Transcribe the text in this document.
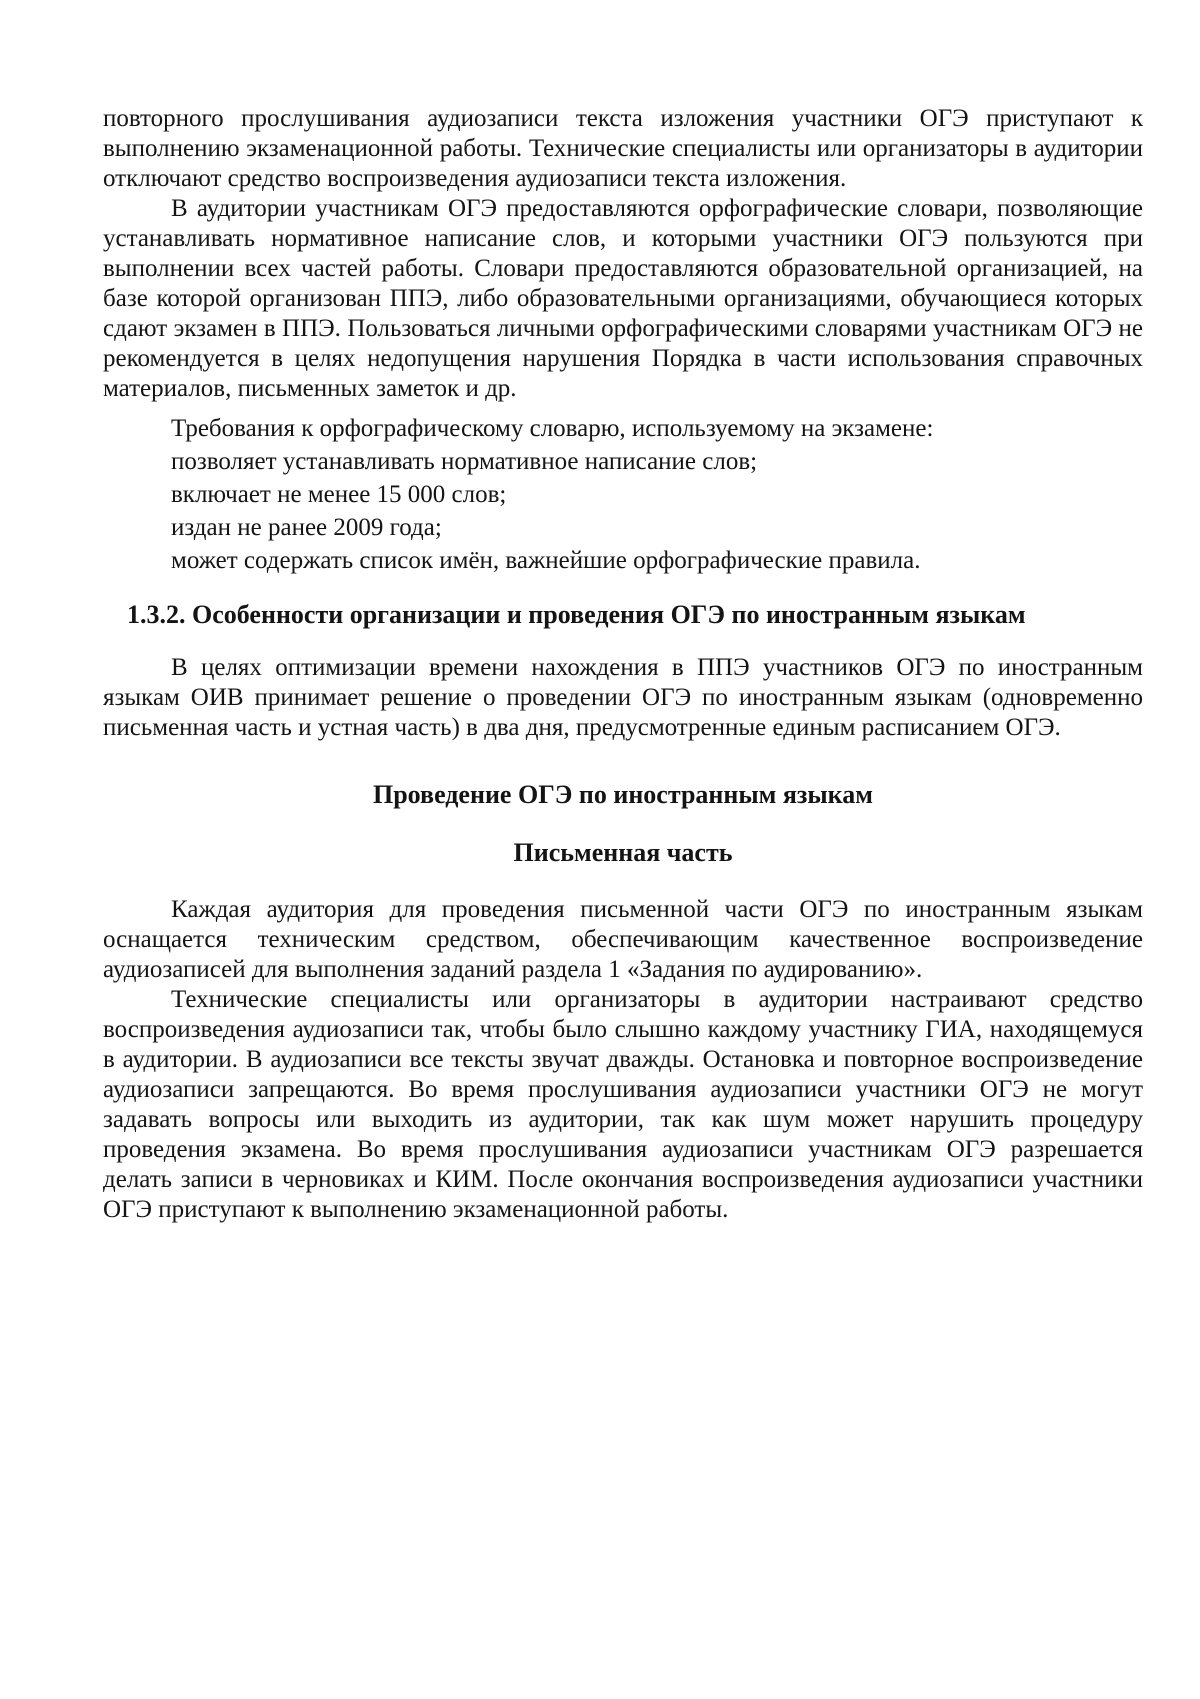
повторного прослушивания аудиозаписи текста изложения участники ОГЭ приступают к выполнению экзаменационной работы. Технические специалисты или организаторы в аудитории отключают средство воспроизведения аудиозаписи текста изложения.

В аудитории участникам ОГЭ предоставляются орфографические словари, позволяющие устанавливать нормативное написание слов, и которыми участники ОГЭ пользуются при выполнении всех частей работы. Словари предоставляются образовательной организацией, на базе которой организован ППЭ, либо образовательными организациями, обучающиеся которых сдают экзамен в ППЭ. Пользоваться личными орфографическими словарями участникам ОГЭ не рекомендуется в целях недопущения нарушения Порядка в части использования справочных материалов, письменных заметок и др.

Требования к орфографическому словарю, используемому на экзамене:

позволяет устанавливать нормативное написание слов;

включает не менее 15 000 слов;

издан не ранее 2009 года;

может содержать список имён, важнейшие орфографические правила.

1.3.2. Особенности организации и проведения ОГЭ по иностранным языкам

В целях оптимизации времени нахождения в ППЭ участников ОГЭ по иностранным языкам ОИВ принимает решение о проведении ОГЭ по иностранным языкам (одновременно письменная часть и устная часть) в два дня, предусмотренные единым расписанием ОГЭ.

Проведение ОГЭ по иностранным языкам
Письменная часть

Каждая аудитория для проведения письменной части ОГЭ по иностранным языкам оснащается техническим средством, обеспечивающим качественное воспроизведение аудиозаписей для выполнения заданий раздела 1 «Задания по аудированию».

Технические специалисты или организаторы в аудитории настраивают средство воспроизведения аудиозаписи так, чтобы было слышно каждому участнику ГИА, находящемуся в аудитории. В аудиозаписи все тексты звучат дважды. Остановка и повторное воспроизведение аудиозаписи запрещаются. Во время прослушивания аудиозаписи участники ОГЭ не могут задавать вопросы или выходить из аудитории, так как шум может нарушить процедуру проведения экзамена. Во время прослушивания аудиозаписи участникам ОГЭ разрешается делать записи в черновиках и КИМ. После окончания воспроизведения аудиозаписи участники ОГЭ приступают к выполнению экзаменационной работы.
